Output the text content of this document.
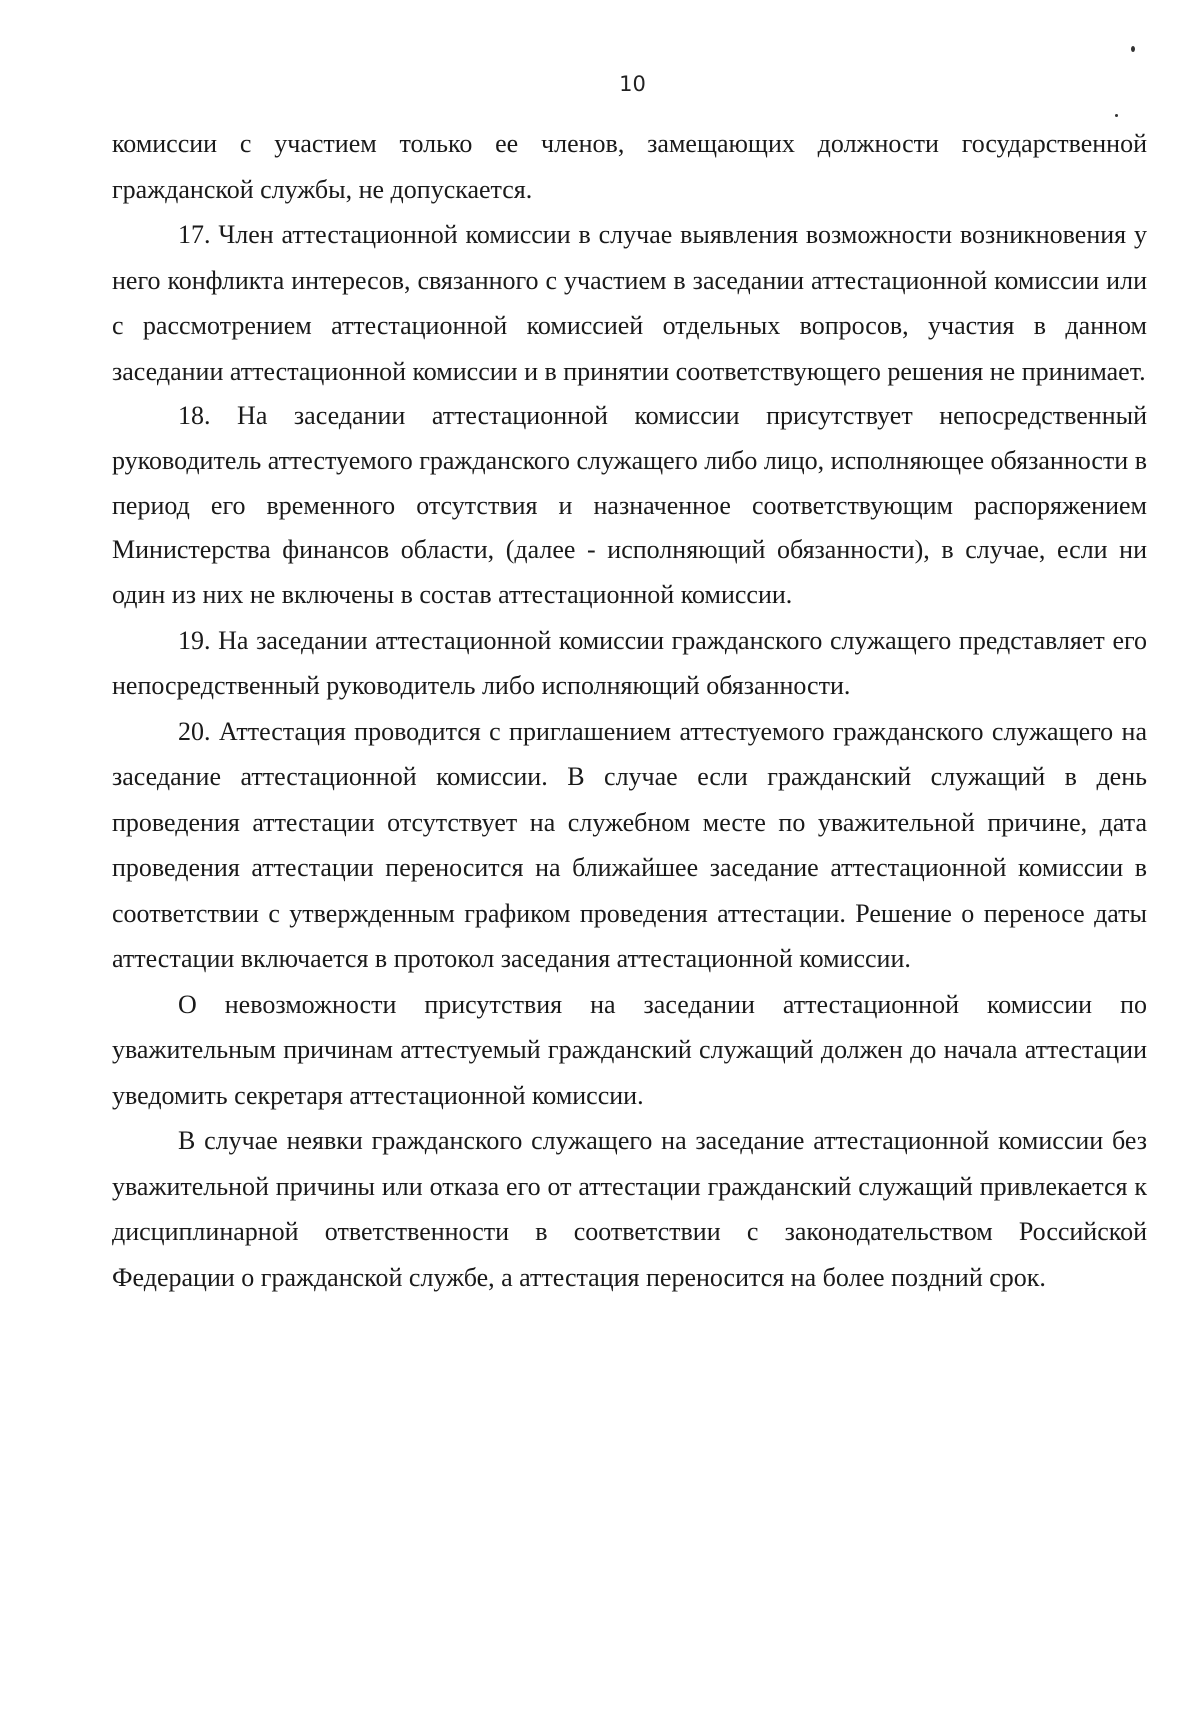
10

комиссии с участием только ее членов, замещающих должности государственной гражданской службы, не допускается.

17. Член аттестационной комиссии в случае выявления возможности возникновения у него конфликта интересов, связанного с участием в заседании аттестационной комиссии или с рассмотрением аттестационной комиссией отдельных вопросов, участия в данном заседании аттестационной комиссии и в принятии соответствующего решения не принимает.

18. На заседании аттестационной комиссии присутствует непосредственный руководитель аттестуемого гражданского служащего либо лицо, исполняющее обязанности в период его временного отсутствия и назначенное соответствующим распоряжением Министерства финансов области, (далее - исполняющий обязанности), в случае, если ни один из них не включены в состав аттестационной комиссии.

19. На заседании аттестационной комиссии гражданского служащего представляет его непосредственный руководитель либо исполняющий обязанности.

20. Аттестация проводится с приглашением аттестуемого гражданского служащего на заседание аттестационной комиссии. В случае если гражданский служащий в день проведения аттестации отсутствует на служебном месте по уважительной причине, дата проведения аттестации переносится на ближайшее заседание аттестационной комиссии в соответствии с утвержденным графиком проведения аттестации. Решение о переносе даты аттестации включается в протокол заседания аттестационной комиссии.

О невозможности присутствия на заседании аттестационной комиссии по уважительным причинам аттестуемый гражданский служащий должен до начала аттестации уведомить секретаря аттестационной комиссии.

В случае неявки гражданского служащего на заседание аттестационной комиссии без уважительной причины или отказа его от аттестации гражданский служащий привлекается к дисциплинарной ответственности в соответствии с законодательством Российской Федерации о гражданской службе, а аттестация переносится на более поздний срок.
